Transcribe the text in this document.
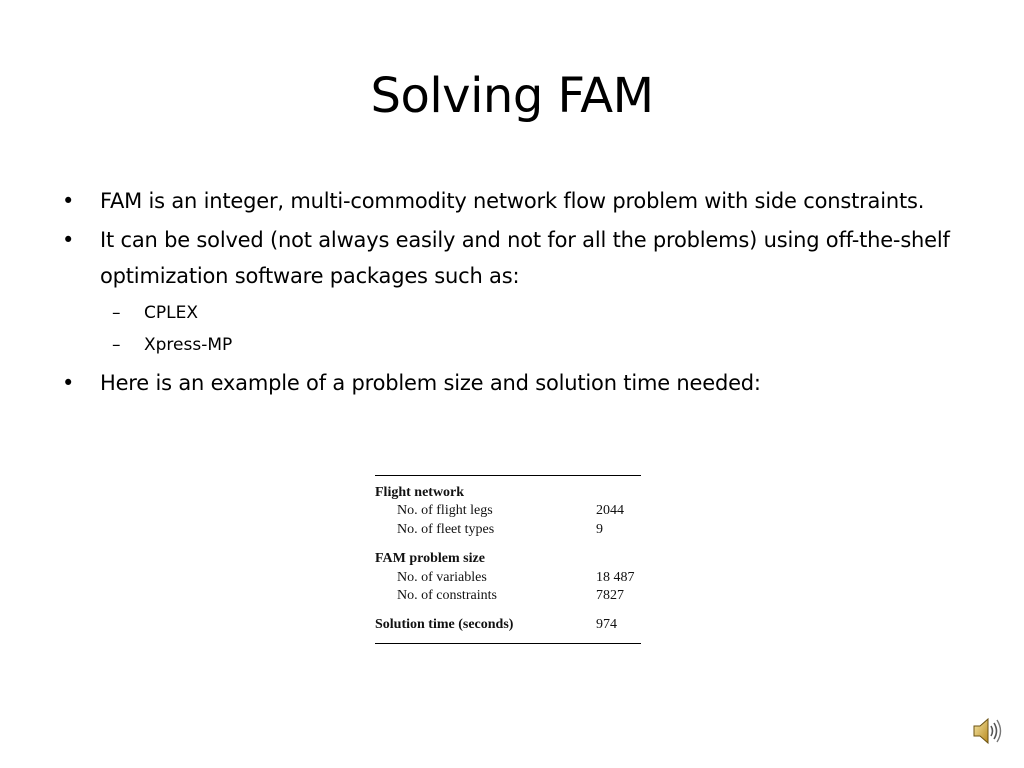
Solving FAM
• FAM is an integer, multi-commodity network flow problem with side constraints.
• It can be solved (not always easily and not for all the problems) using off-the-shelf optimization software packages such as:
– CPLEX
– Xpress-MP
• Here is an example of a problem size and solution time needed:
Flight network
No. of flight legs	2044
No. of fleet types	9
FAM problem size
No. of variables	18 487
No. of constraints	7827
Solution time (seconds)	974
